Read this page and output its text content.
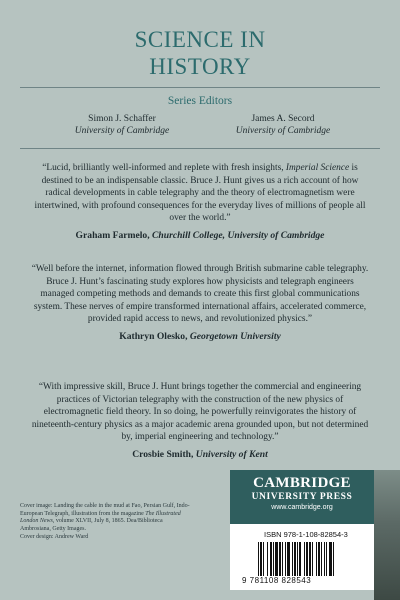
SCIENCE IN
HISTORY
Series Editors
Simon J. Schaffer
University of Cambridge
James A. Secord
University of Cambridge
“Lucid, brilliantly well-informed and replete with fresh insights, Imperial Science is destined to be an indispensable classic. Bruce J. Hunt gives us a rich account of how radical developments in cable telegraphy and the theory of electromagnetism were intertwined, with profound consequences for the everyday lives of millions of people all over the world.”
Graham Farmelo, Churchill College, University of Cambridge
“Well before the internet, information flowed through British submarine cable telegraphy. Bruce J. Hunt’s fascinating study explores how physicists and telegraph engineers managed competing methods and demands to create this first global communications system. These nerves of empire transformed international affairs, accelerated commerce, provided rapid access to news, and revolutionized physics.”
Kathryn Olesko, Georgetown University
“With impressive skill, Bruce J. Hunt brings together the commercial and engineering practices of Victorian telegraphy with the construction of the new physics of electromagnetic field theory. In so doing, he powerfully reinvigorates the history of nineteenth-century physics as a major academic arena grounded upon, but not determined by, imperial engineering and technology.”
Crosbie Smith, University of Kent
Cover image: Landing the cable in the mud at Fao, Persian Gulf, Indo-European Telegraph, illustration from the magazine The Illustrated London News, volume XLVII, July 8, 1865. Dea/Biblioteca Ambrosiana, Getty Images.
Cover design: Andrew Ward
CAMBRIDGE
UNIVERSITY PRESS
www.cambridge.org
ISBN 978-1-108-82854-3
9 781108 828543
